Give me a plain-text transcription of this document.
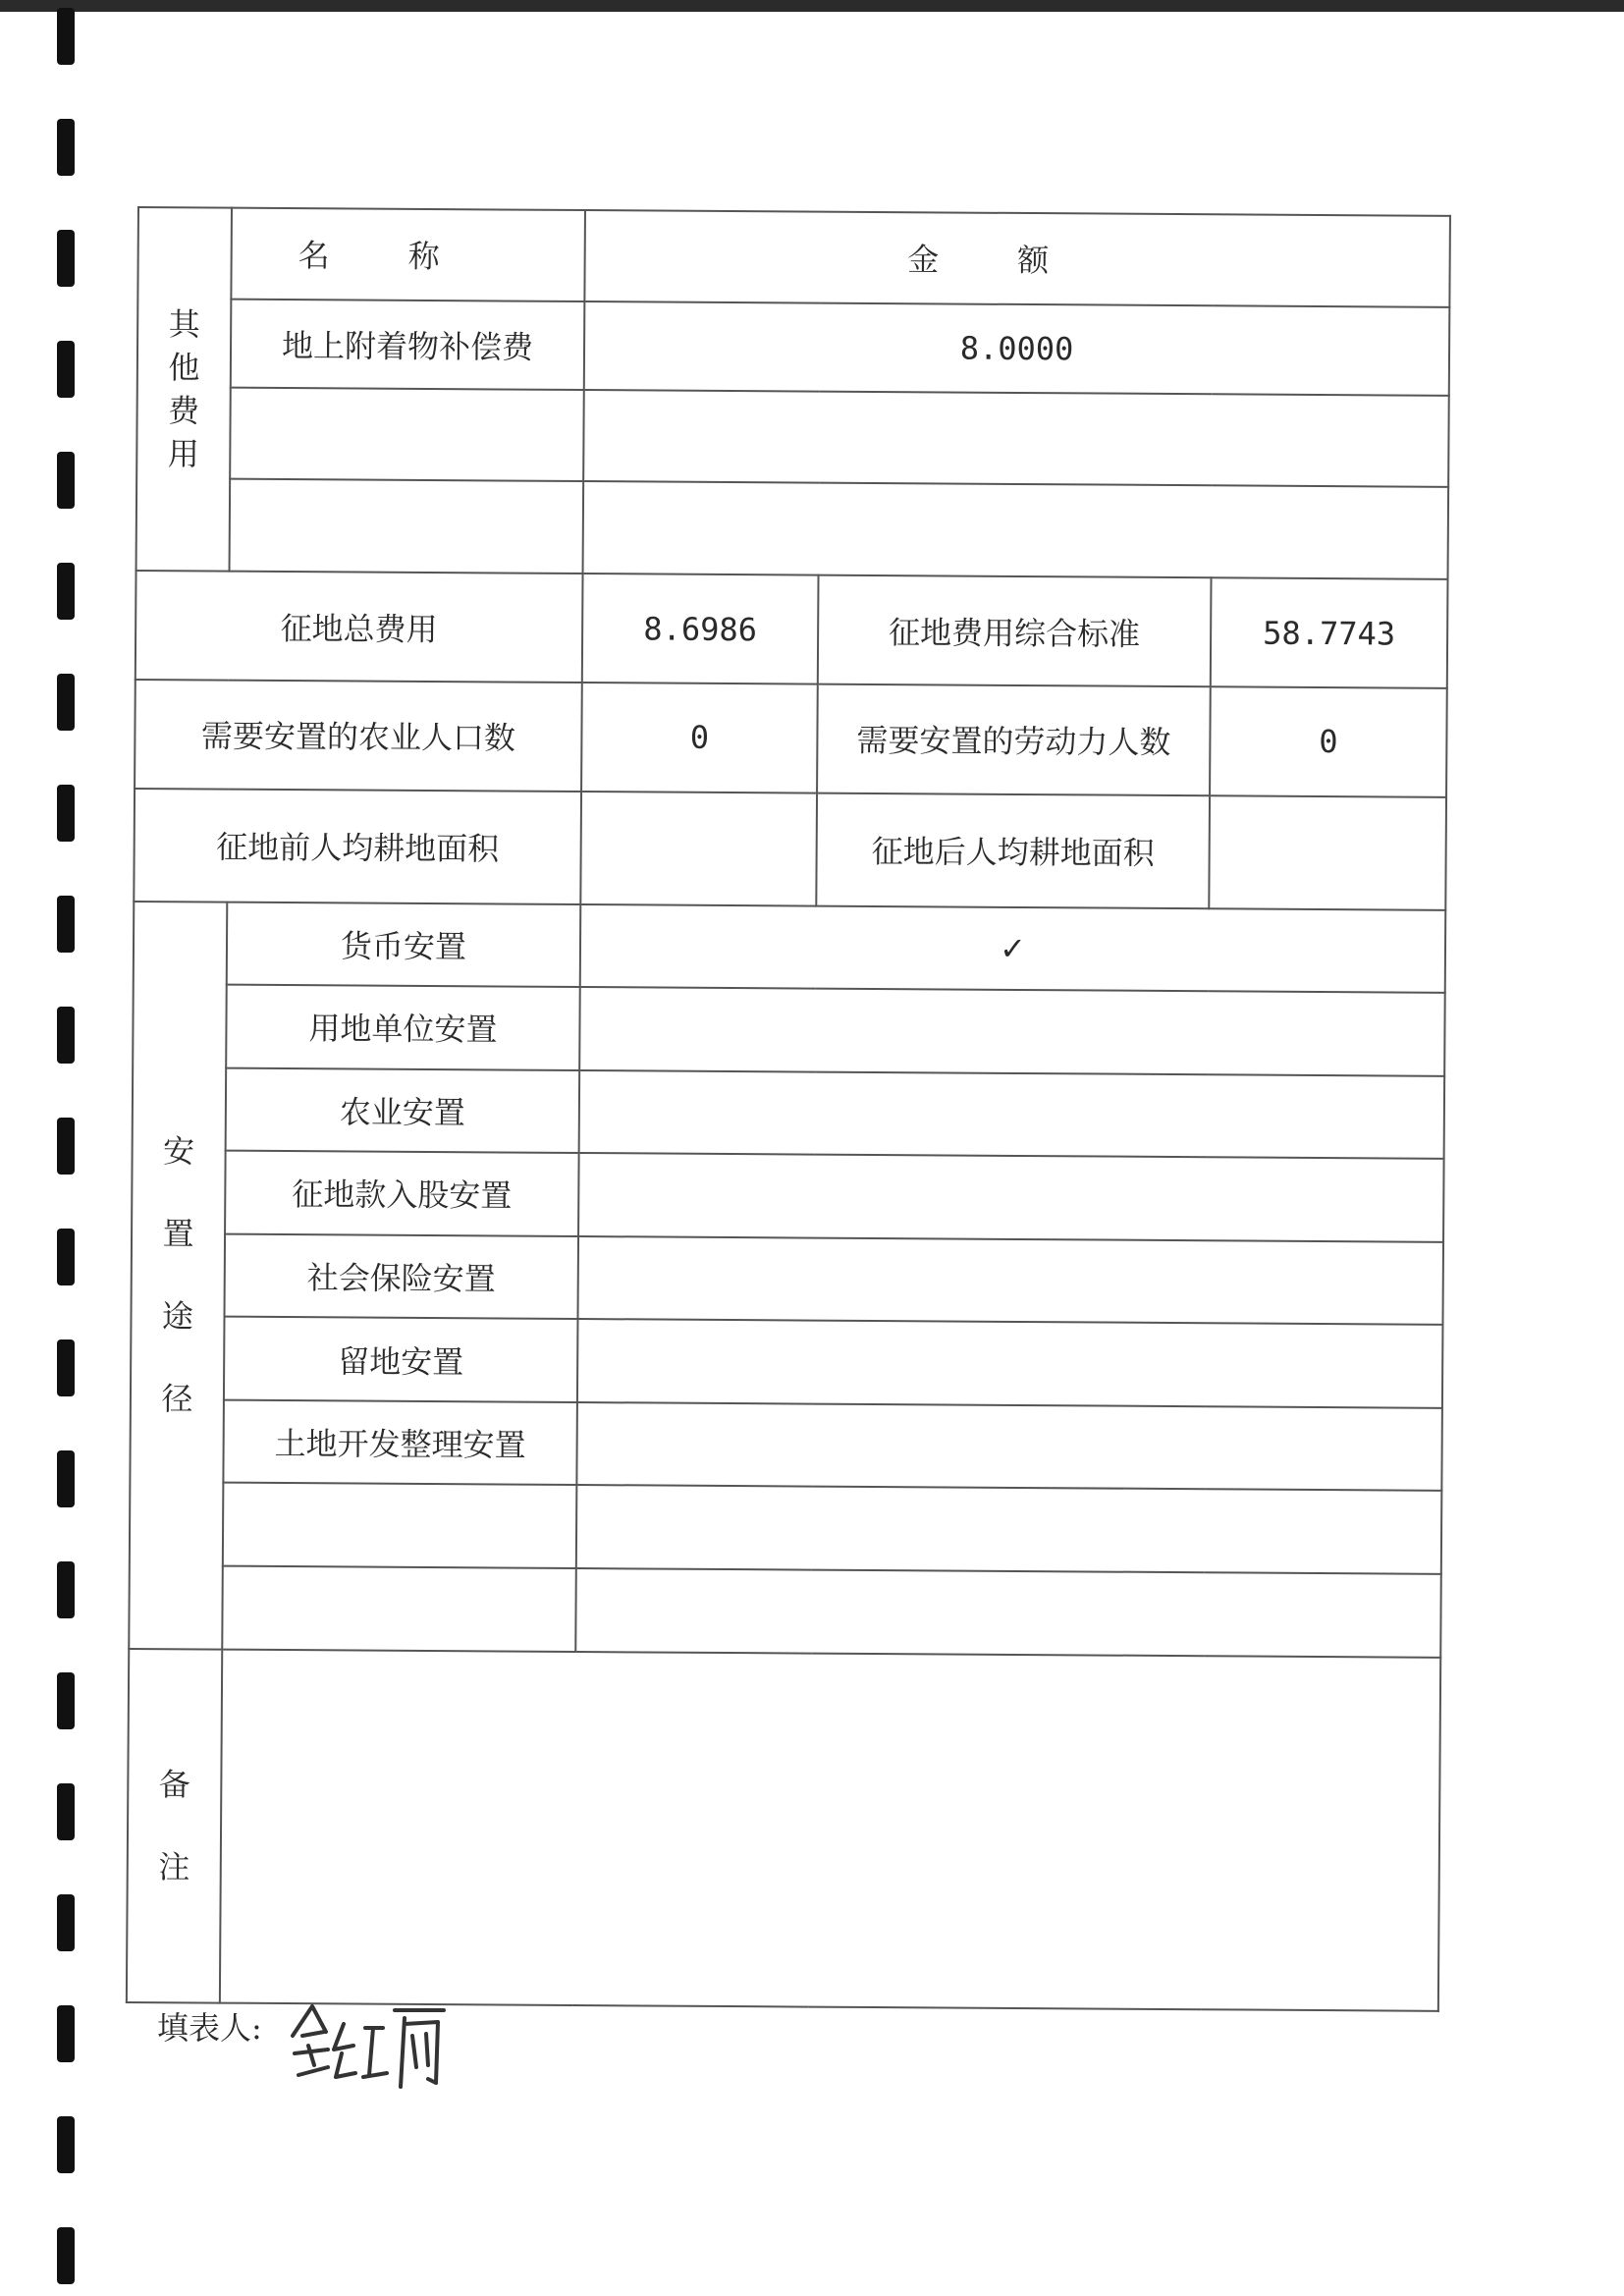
其
他
费
用	名称	金额		
	地上附着物补偿费	8.0000		

征地总费用		8.6986	征地费用综合标准	58.7743
需要安置的农业人口数		0	需要安置的劳动力人数	0
征地前人均耕地面积			征地后人均耕地面积	

安
置
途
径	货币安置	✓		
	用地单位安置			
	农业安置			
	征地款入股安置			
	社会保险安置			
	留地安置			
	土地开发整理安置			

备
注				

填表人:
